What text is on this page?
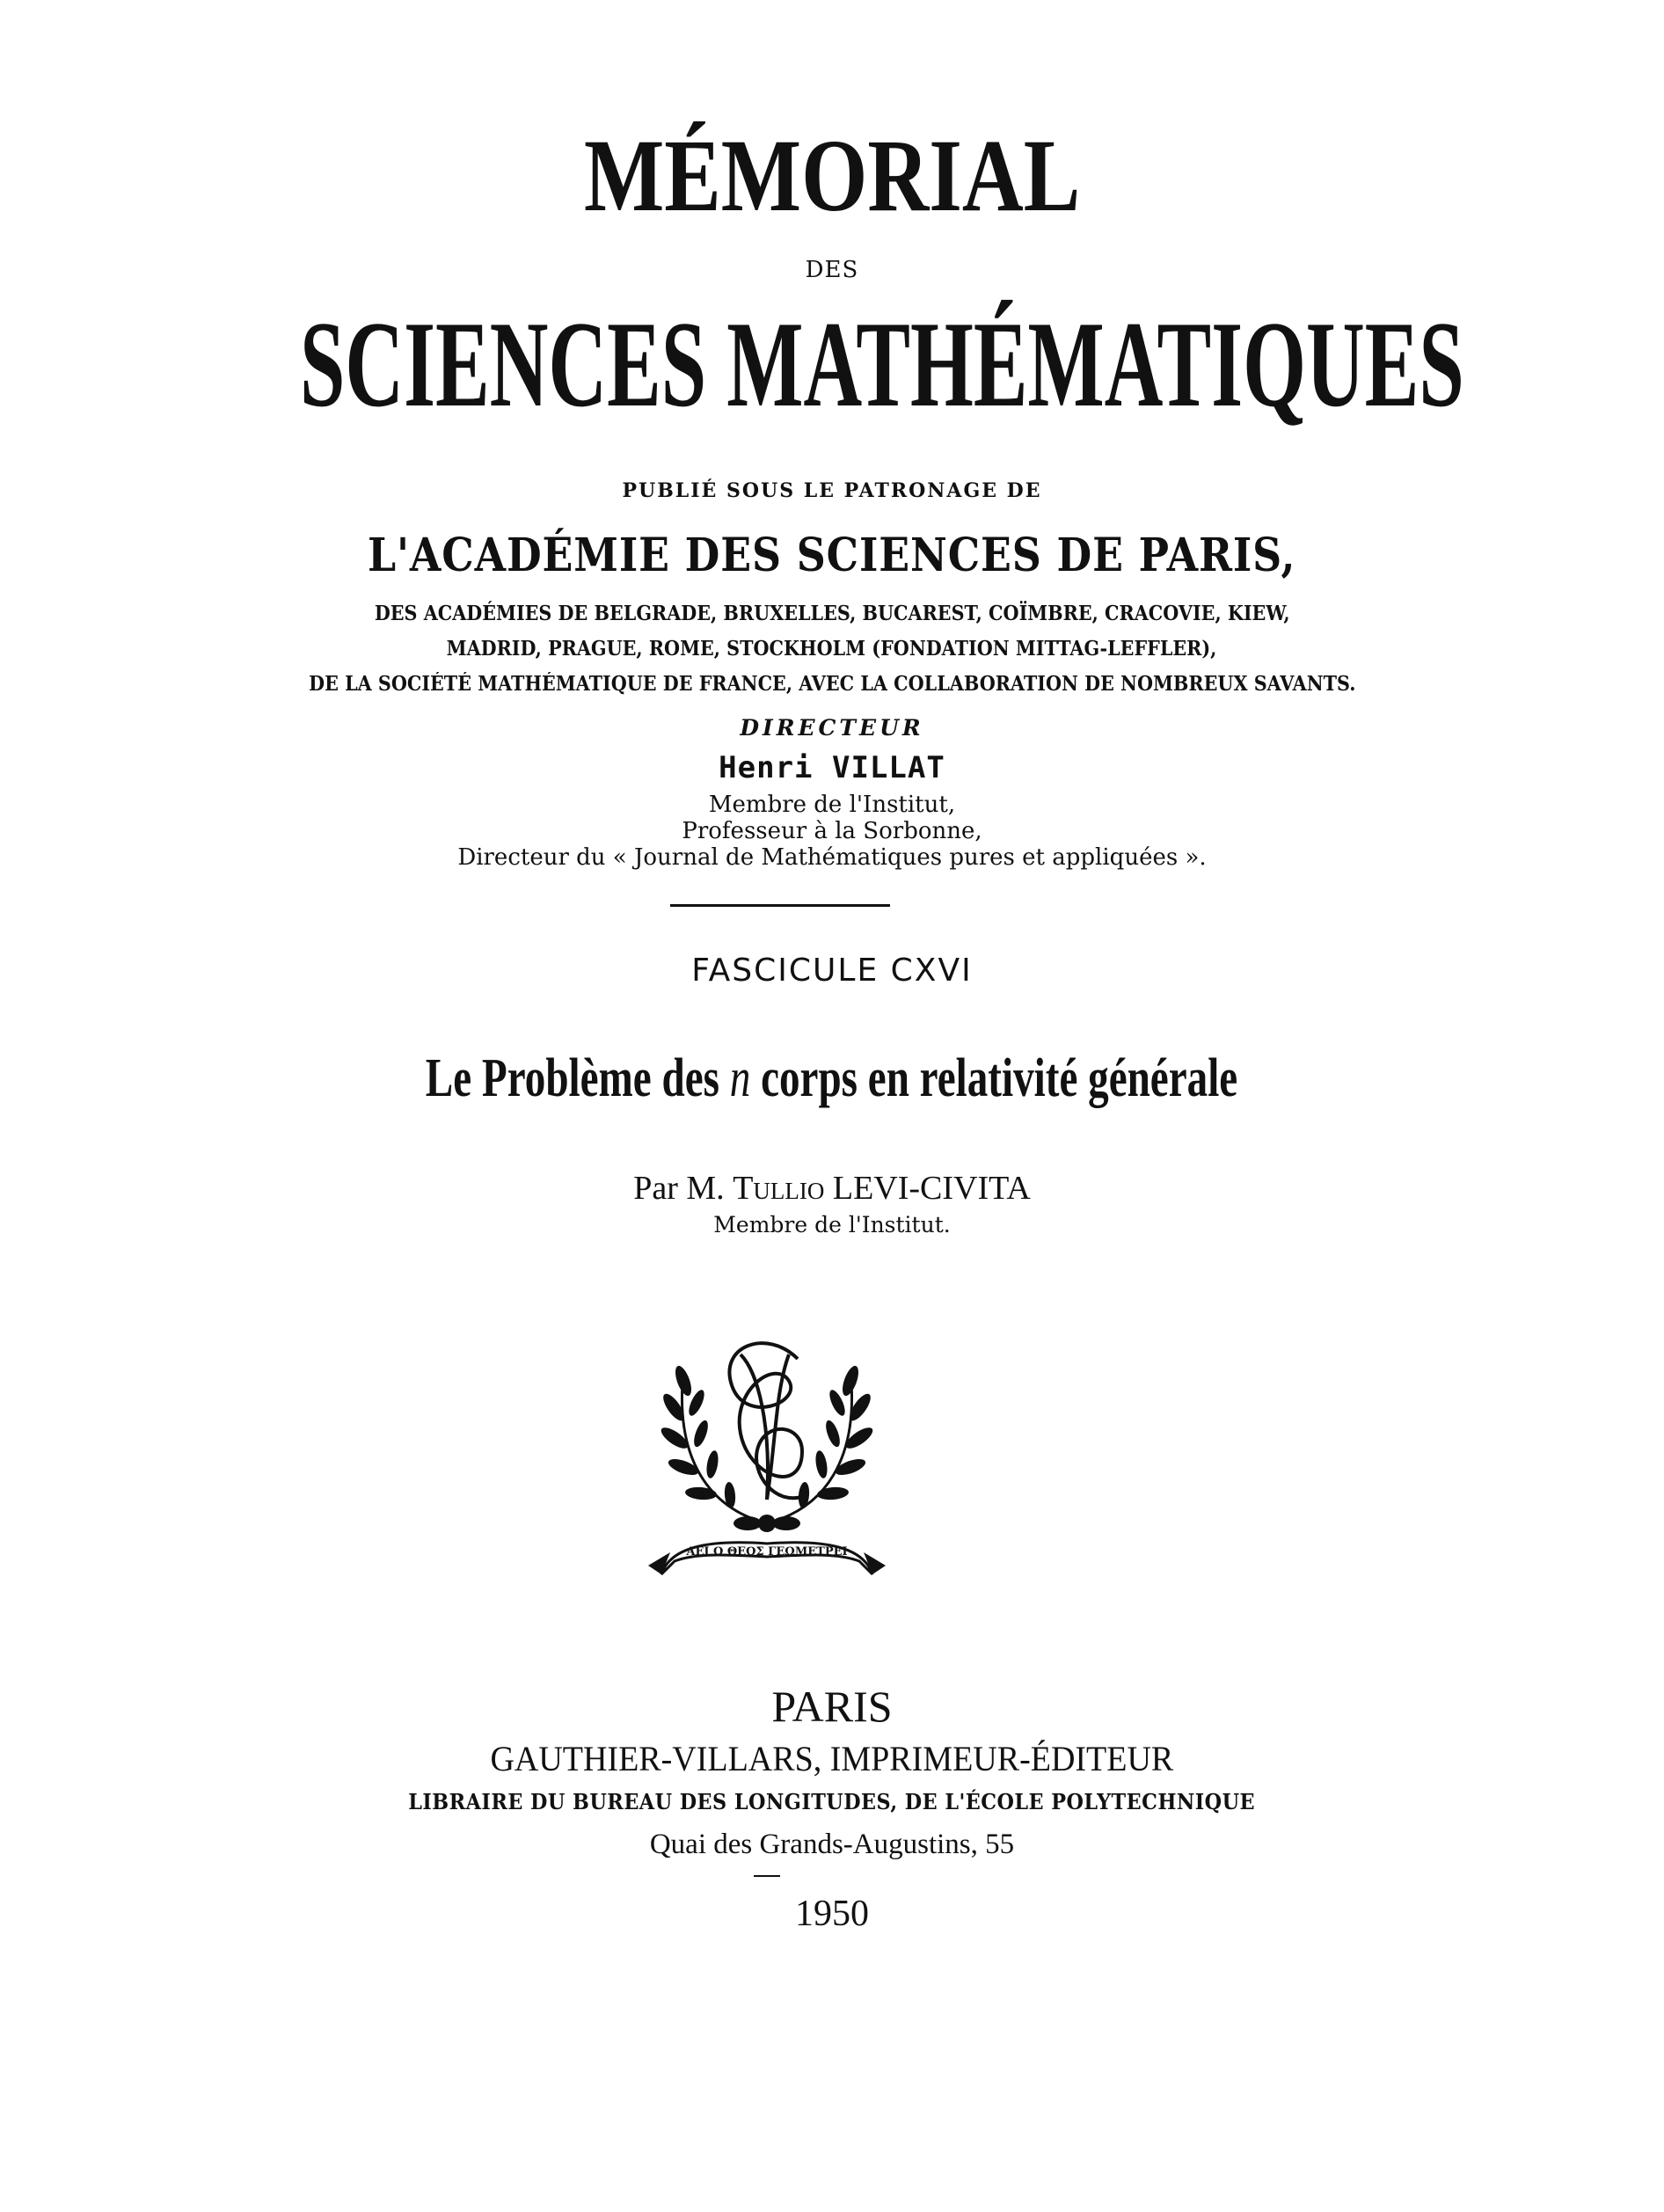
MÉMORIAL
DES
SCIENCES MATHÉMATIQUES
PUBLIÉ SOUS LE PATRONAGE DE
L'ACADÉMIE DES SCIENCES DE PARIS,
DES ACADÉMIES DE BELGRADE, BRUXELLES, BUCAREST, COÏMBRE, CRACOVIE, KIEW,
MADRID, PRAGUE, ROME, STOCKHOLM (FONDATION MITTAG-LEFFLER),
DE LA SOCIÉTÉ MATHÉMATIQUE DE FRANCE, AVEC LA COLLABORATION DE NOMBREUX SAVANTS.
DIRECTEUR
Henri VILLAT
Membre de l'Institut,
Professeur à la Sorbonne,
Directeur du « Journal de Mathématiques pures et appliquées ».
FASCICULE CXVI
Le Problème des n corps en relativité générale
Par M. Tullio LEVI-CIVITA
Membre de l'Institut.
ΑΕΙ Ο ΘΕΟΣ ΓΕΩΜΕΤΡΕΙ
PARIS
GAUTHIER-VILLARS, IMPRIMEUR-ÉDITEUR
LIBRAIRE DU BUREAU DES LONGITUDES, DE L'ÉCOLE POLYTECHNIQUE
Quai des Grands-Augustins, 55
1950
